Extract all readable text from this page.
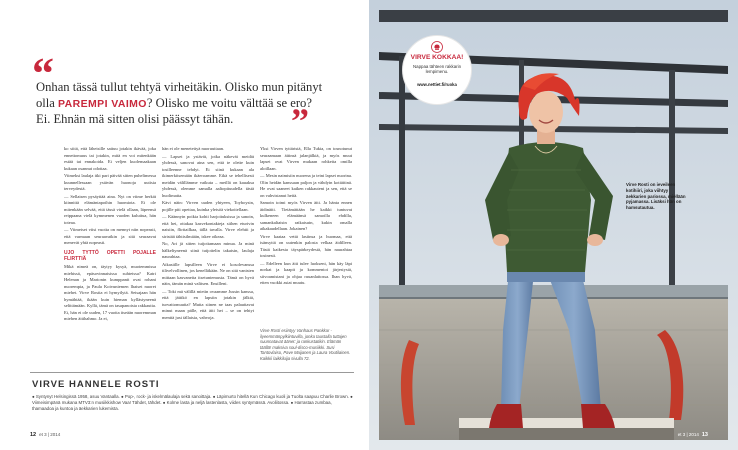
“

Onhan tässä tullut tehtyä virheitäkin. Olisko mun pitänyt olla PAREMPI VAIMO? Olisko me voitu välttää se ero? Ei. Ehnän mä sitten olisi päässyt tähän.	”

ko siitä, että läheisille sattuu jotakin ikävää, joka ennettomuus tai jotakin, mitä en voi mitenkään estää tai ennakoida. Ei veljen kuolemaakaan kukaan osannut odottaa.

Viimeksi laulaja itki pari päivää sitten puhelimessa kuunnellessaan ystävän huonoja uutisia terveydestä.

— Sellaisen pysäyttää aina. Nyt on viime herkät kiinnittä elämäntapoihin huomiota. Ei ole mitenkään selvää, että tässä vielä ollaan, läpeensä reippaana vielä kymmenen vuoden kuluttua, hän toteaa.

— Viimeiset viisi vuotta on mennyt niin nopeasti, että varmaan seuraavatkin ja sitä seuraavat menevät yhtä nopeasti.

UJO TYTTÖ OPETTI POJALLE FLIRTTIÄ

Mikä nimeä on, täytyy kysyä, muotemmissa miehissä, epäsovinnaisissa suhteissa? Katri Helenan ja Marionin kumppanit ovat rohani nuorempia, ja Paula Koivuniemen lhaiset nuoret miehet. Virve Rostia ei hymyilytä. Seisajaan hän hymähtää, ikään kuin hieman kyllästyneenä selittämään. Kyllä, tämä on tasapanoista rakkautta. Ei, hän ei ole uuden, 17 vuotta itseään nuoremman miehen äitihahmo. Ja ei,

hän ei ole menetettyä nuoruuttaan.

— Lapset ja ystävät, jotka näkevät meidät yhdessä, sanovat aina sen, että te olette kuin tosilleenne tehdyt. Ei siinä kukaan ala ikimerkitsemään ikäeroamme. Eikä se tehellisesti meidän välillämme vaikuta – meillä on kauaksa yhdessä, olemme samalla aaltopituudella tästä huolimatta.

Kävi näin: Virven uuden yhtyeen, Toyboysin, pojille piti opettaa, kuinka yleisöä viekoitellaan.

— Käännyin poikia kohti harjoituksissa ja sanoin, että hei, ottakaa kasvekontakteja siihen eturivin naisiin, flirttailkaa, tällä tavalla. Virve elehtii ja siristää tähtisilmiään, iskee oikeaa.

No, Ari jä sitten tuijottamaan minua. Ja minä hälkeltyneenä siinä tuijottelin takaisin, laulaja naurahtaa.

Aikasiille lapsilleen Virve ei kosolevanssa tilivelvollinen, jos kenelläkään. Ne on sitä vanisten mittaan kasvaneita itsetuntemusta. Tämä on hyvä näin, tämän minä valitsen. Ensilleni.

— Toki mä välillä mietin ovaamme Jussin kanssa, että jättikö en lapsiin jotakin jälkiä, turvattomuutta? Mutta siinen ne taas palauttavat minut maan pälle, että äiti hei – se on tehtyt menttä just tällaisia, vahvoja.

Yksi Virven tyttäristä, Ella Tukia, on tosnotunut seuraamaan äitinsä jalanjälkiä, ja myös muut lapset ovat Virven mukaan rohkeita omilla aloillaan.

— Mesin naimisiin nuorena ja teini lapset nuorina. Olin heidän kanssaan paljon ja vähdyin kotiäitinä. He ovat saaneet kaiken rakkauteni ja sen, että se on vahvistanut heitä.

Samoin toimi myös Virven äiti. Ja hänta ennen äidinäiti. Tietämättään he kaikki tuntuvat kulkeneen elämäänsä samoilla ehdilla, samankaltaisin ratkaisuin, kukin omalla aikakaudellaan. Jokainen?

Virve kaataa vettä lasiinsa ja huomaa, että isänsyttä on uutenkin palosta velkaa äidilleen. Tästä kaikesta täyspärkeydestä, hän naurahtaa tosinesti.

— Edelleen kun äiti tulee luokseni, hän käy läpi norkat ja kaapit ja kommentoi järjestystä, siivoamistani ja ohjaa ruuanlaitossa. Ihan hyvä, etten vuokki asiat muutu.

Virve Rosti esiintyy Vanhaus Pankkar -ilyeemmänpylkiintuvilla, jonka taustalla tuttajen suunnatavat äänet: ja rankustatikin. Elämän täällä! maksiva soul-disco-musiikki. Susi Tantovlaiso, Pave Maijanen ja Laura Voutilainen. Kaikkii laikkiluija sivulla 72.

VIRVE HANNELE ROSTI

● Syntynyt Helsingissä 1958, asuu Vantaalla. ● Pop-, rock- ja iskelmälaulaja sekä sanoittaja. ● Läpimurto hitellä Kun Chicago kuoli ja Tuolta saapuu Charlie Brown. ● Viimeisimpänä mukana MTV3:n musiikkishow Vaa! Tähdet, tähdet. ● Kolme lasta ja neljä lastenlasta, viides syntymässä. Avoliitossa. ● Harrastaa zumbaa, thamaadoa ja kuntoa ja äekkarien lukemista.

12 et 3 | 2014	et 3 | 2014 13
VIRVE KOKKAA!
Nappaa tähteen rakkarin lempimenu.
www.nettiet.fi/ruoka

Virve Rosti on ieveileen kotihiiri, joka viihtyy äekkarien pariossa, miellään pyjamassa. Lisäksi hän on hamsutautua.
